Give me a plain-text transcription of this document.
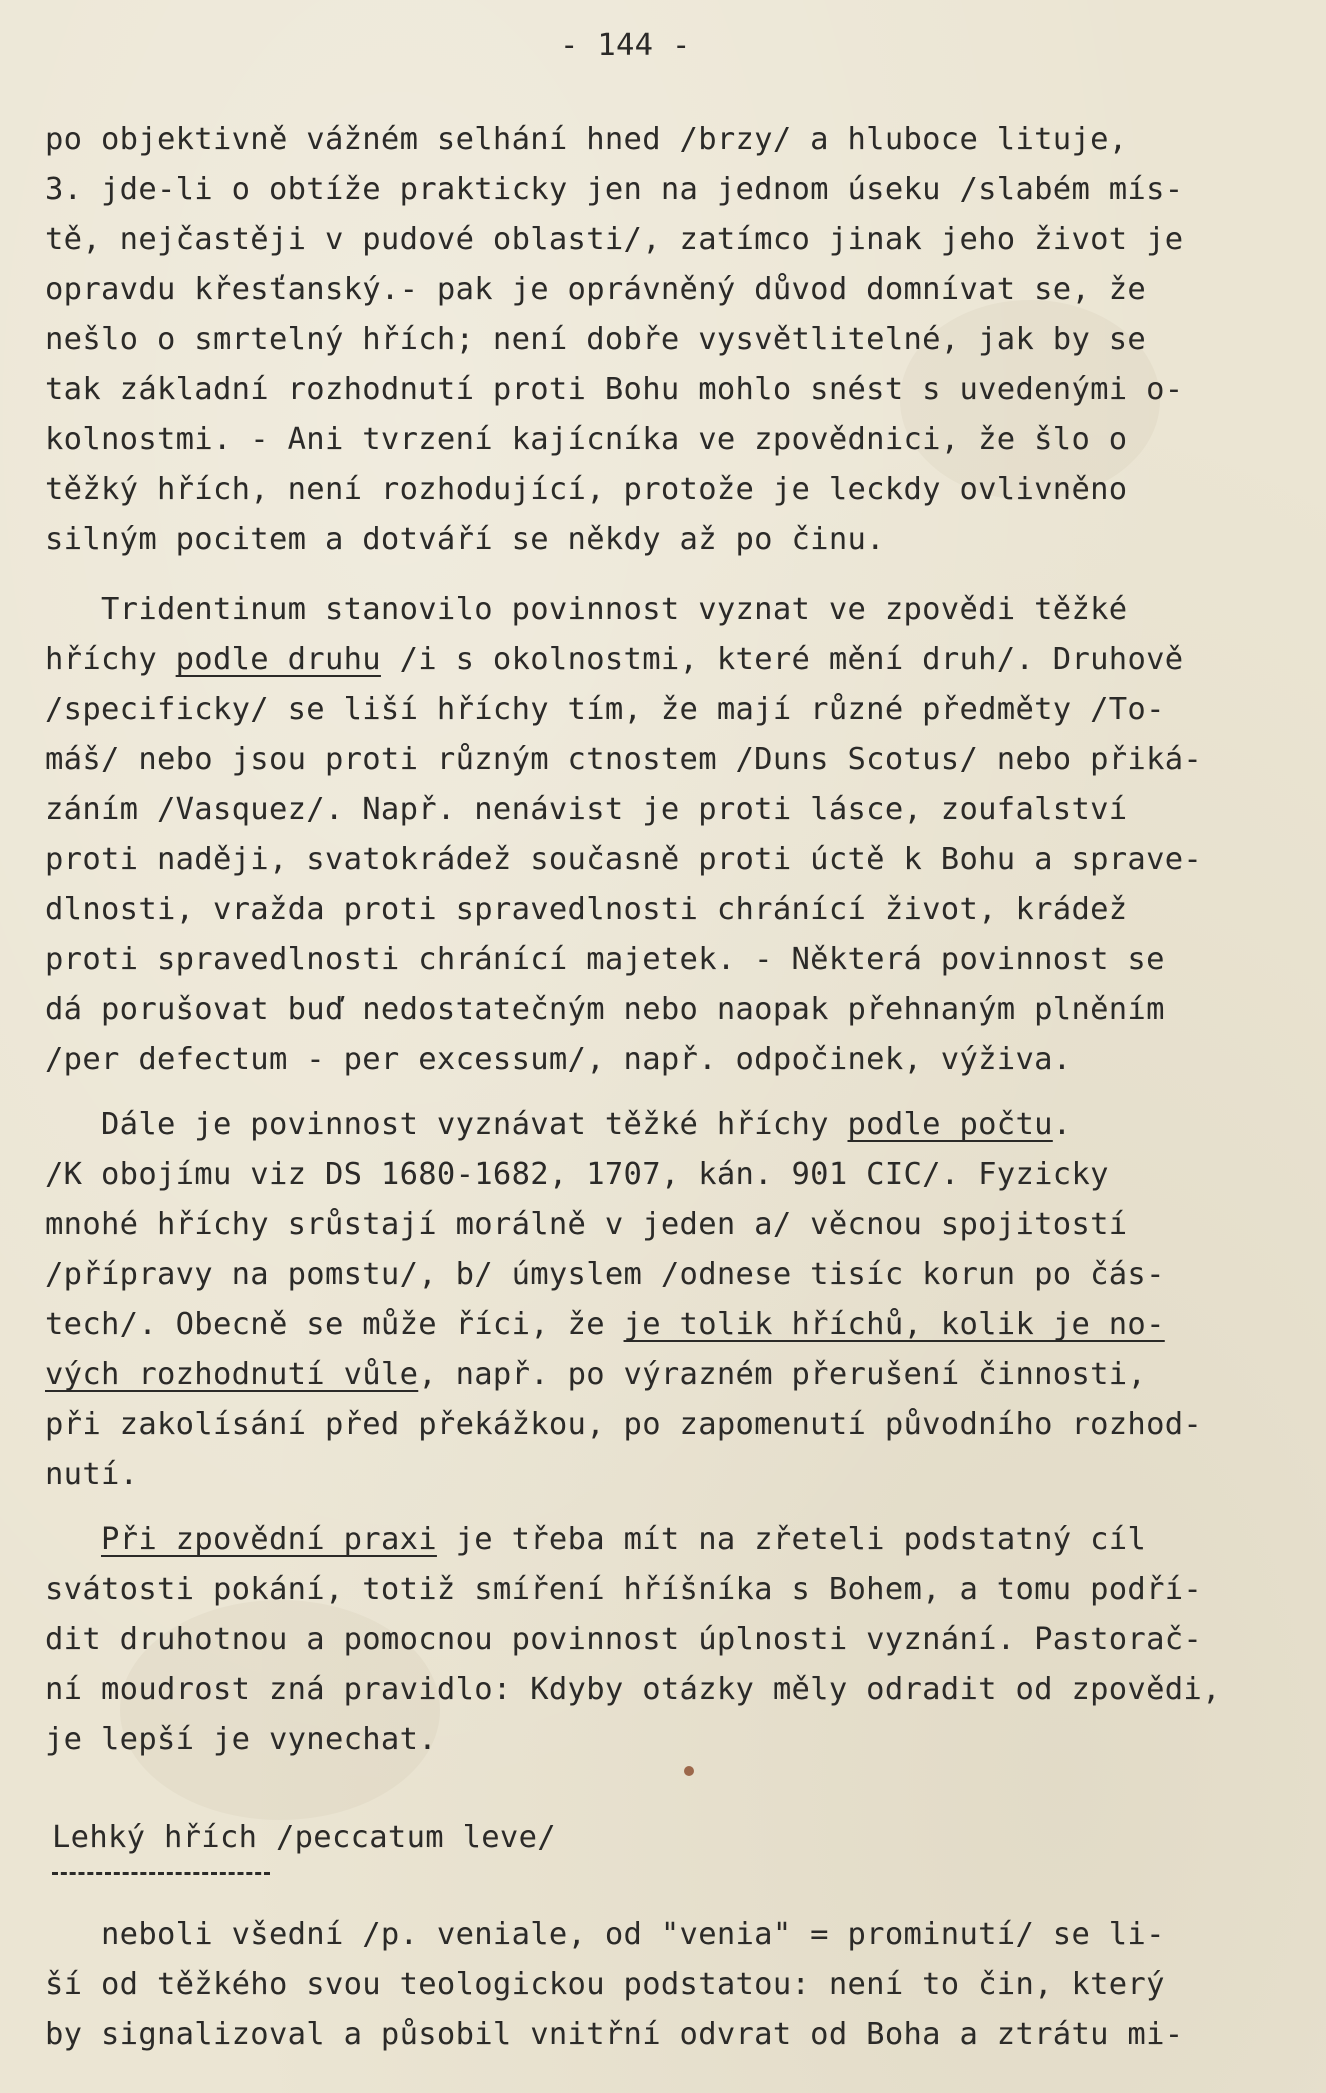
- 144 -
po objektivně vážném selhání hned /brzy/ a hluboce lituje,
3. jde-li o obtíže prakticky jen na jednom úseku /slabém mís-
tě, nejčastěji v pudové oblasti/, zatímco jinak jeho život je
opravdu křesťanský.- pak je oprávněný důvod domnívat se, že
nešlo o smrtelný hřích; není dobře vysvětlitelné, jak by se
tak základní rozhodnutí proti Bohu mohlo snést s uvedenými o-
kolnostmi. - Ani tvrzení kajícníka ve zpovědnici, že šlo o
těžký hřích, není rozhodující, protože je leckdy ovlivněno
silným pocitem a dotváří se někdy až po činu.
Tridentinum stanovilo povinnost vyznat ve zpovědi těžké
hříchy podle druhu /i s okolnostmi, které mění druh/. Druhově
/specificky/ se liší hříchy tím, že mají různé předměty /To-
máš/ nebo jsou proti různým ctnostem /Duns Scotus/ nebo přiká-
záním /Vasquez/. Např. nenávist je proti lásce, zoufalství
proti naději, svatokrádež současně proti úctě k Bohu a sprave-
dlnosti, vražda proti spravedlnosti chránící život, krádež
proti spravedlnosti chránící majetek. - Některá povinnost se
dá porušovat buď nedostatečným nebo naopak přehnaným plněním
/per defectum - per excessum/, např. odpočinek, výživa.
Dále je povinnost vyznávat těžké hříchy podle počtu.
/K obojímu viz DS 1680-1682, 1707, kán. 901 CIC/. Fyzicky
mnohé hříchy srůstají morálně v jeden a/ věcnou spojitostí
/přípravy na pomstu/, b/ úmyslem /odnese tisíc korun po čás-
tech/. Obecně se může říci, že je tolik hříchů, kolik je no-
vých rozhodnutí vůle, např. po výrazném přerušení činnosti,
při zakolísání před překážkou, po zapomenutí původního rozhod-
nutí.
Při zpovědní praxi je třeba mít na zřeteli podstatný cíl
svátosti pokání, totiž smíření hříšníka s Bohem, a tomu podří-
dit druhotnou a pomocnou povinnost úplnosti vyznání. Pastorač-
ní moudrost zná pravidlo: Kdyby otázky měly odradit od zpovědi,
je lepší je vynechat.
Lehký hřích /peccatum leve/
neboli všední /p. veniale, od "venia" = prominutí/ se li-
ší od těžkého svou teologickou podstatou: není to čin, který
by signalizoval a působil vnitřní odvrat od Boha a ztrátu mi-
